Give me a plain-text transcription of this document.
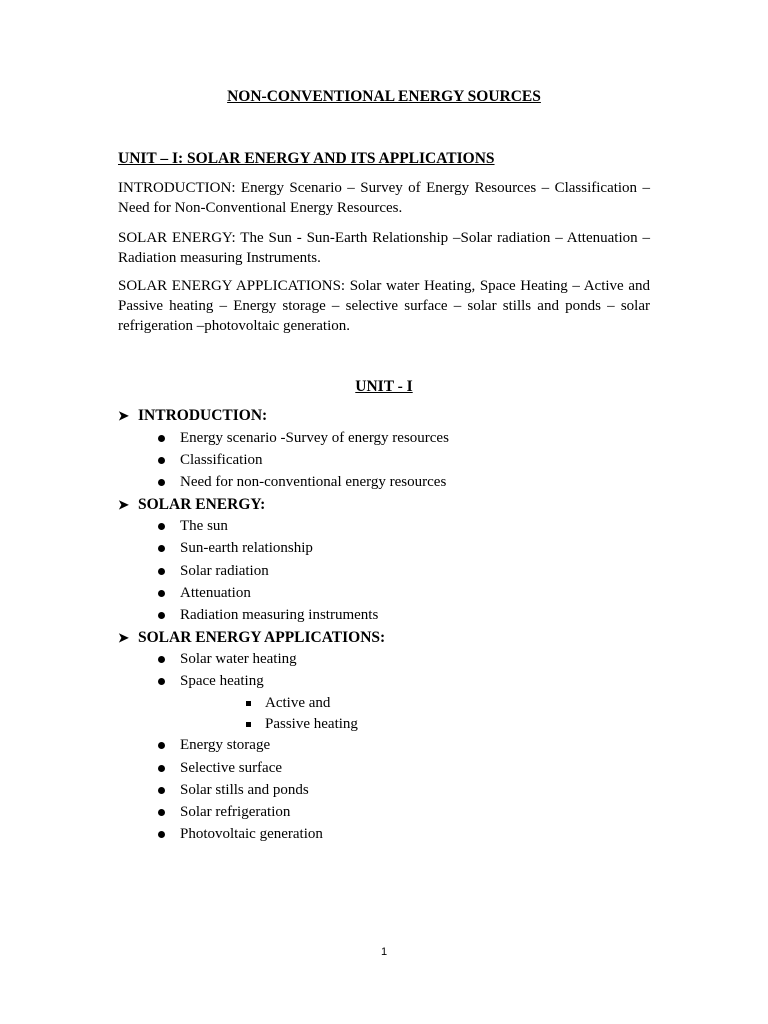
NON-CONVENTIONAL ENERGY SOURCES
UNIT – I: SOLAR ENERGY AND ITS APPLICATIONS

INTRODUCTION: Energy Scenario – Survey of Energy Resources – Classification – Need for Non-Conventional Energy Resources.

SOLAR ENERGY: The Sun - Sun-Earth Relationship –Solar radiation – Attenuation –Radiation measuring Instruments.

SOLAR ENERGY APPLICATIONS: Solar water Heating, Space Heating – Active and Passive heating – Energy storage – selective surface – solar stills and ponds – solar refrigeration –photovoltaic generation.

UNIT - I
➤ INTRODUCTION:
Energy scenario -Survey of energy resources
Classification
Need for non-conventional energy resources
➤ SOLAR ENERGY:
The sun
Sun-earth relationship
Solar radiation
Attenuation
Radiation measuring instruments
➤ SOLAR ENERGY APPLICATIONS:
Solar water heating
Space heating
Active and
Passive heating
Energy storage
Selective surface
Solar stills and ponds
Solar refrigeration
Photovoltaic generation
1
